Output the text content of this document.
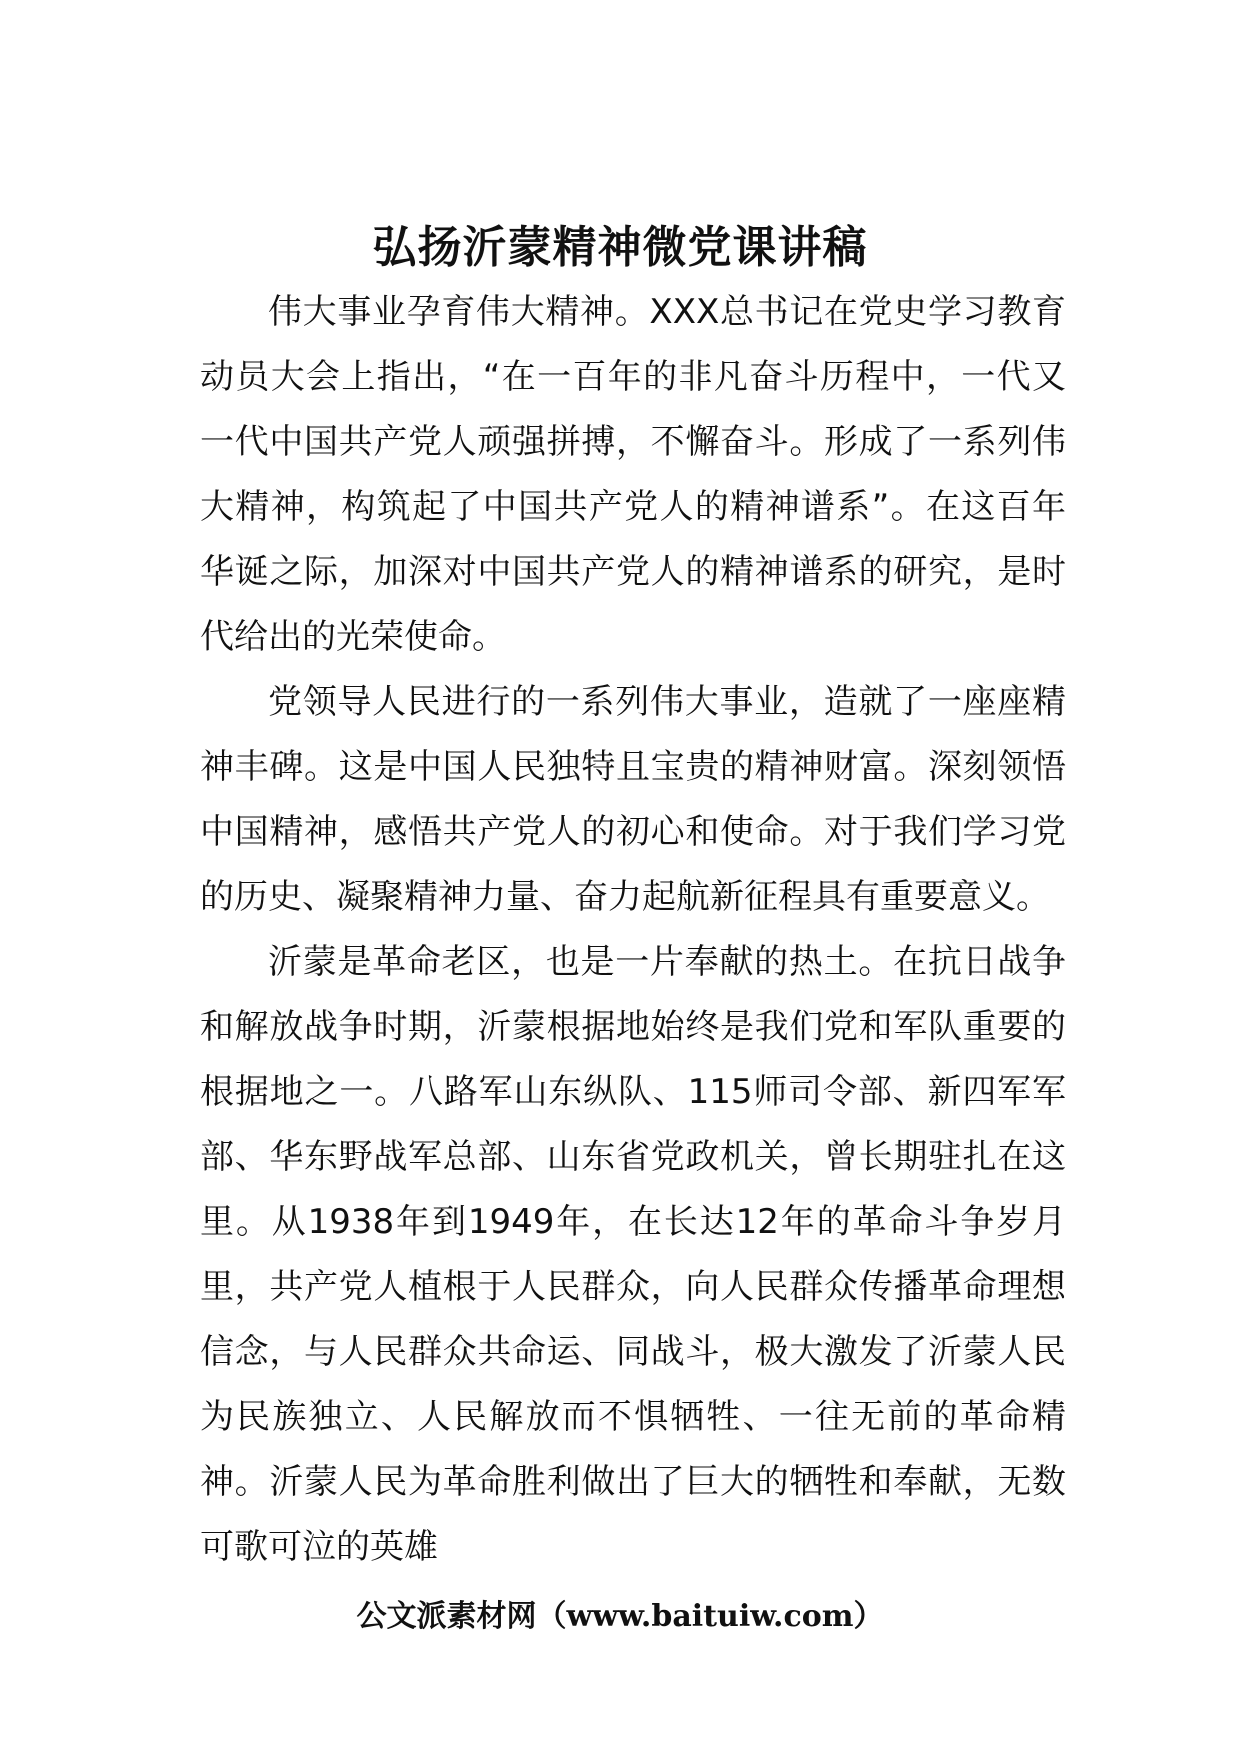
弘扬沂蒙精神微党课讲稿

伟大事业孕育伟大精神。XXX总书记在党史学习教育动员大会上指出，“在一百年的非凡奋斗历程中，一代又一代中国共产党人顽强拼搏，不懈奋斗。形成了一系列伟大精神，构筑起了中国共产党人的精神谱系”。在这百年华诞之际，加深对中国共产党人的精神谱系的研究，是时代给出的光荣使命。

党领导人民进行的一系列伟大事业，造就了一座座精神丰碑。这是中国人民独特且宝贵的精神财富。深刻领悟中国精神，感悟共产党人的初心和使命。对于我们学习党的历史、凝聚精神力量、奋力起航新征程具有重要意义。

沂蒙是革命老区，也是一片奉献的热土。在抗日战争和解放战争时期，沂蒙根据地始终是我们党和军队重要的根据地之一。八路军山东纵队、115师司令部、新四军军部、华东野战军总部、山东省党政机关，曾长期驻扎在这里。从1938年到1949年，在长达12年的革命斗争岁月里，共产党人植根于人民群众，向人民群众传播革命理想信念，与人民群众共命运、同战斗，极大激发了沂蒙人民为民族独立、人民解放而不惧牺牲、一往无前的革命精神。沂蒙人民为革命胜利做出了巨大的牺牲和奉献，无数可歌可泣的英雄

公文派素材网（www.baituiw.com）
